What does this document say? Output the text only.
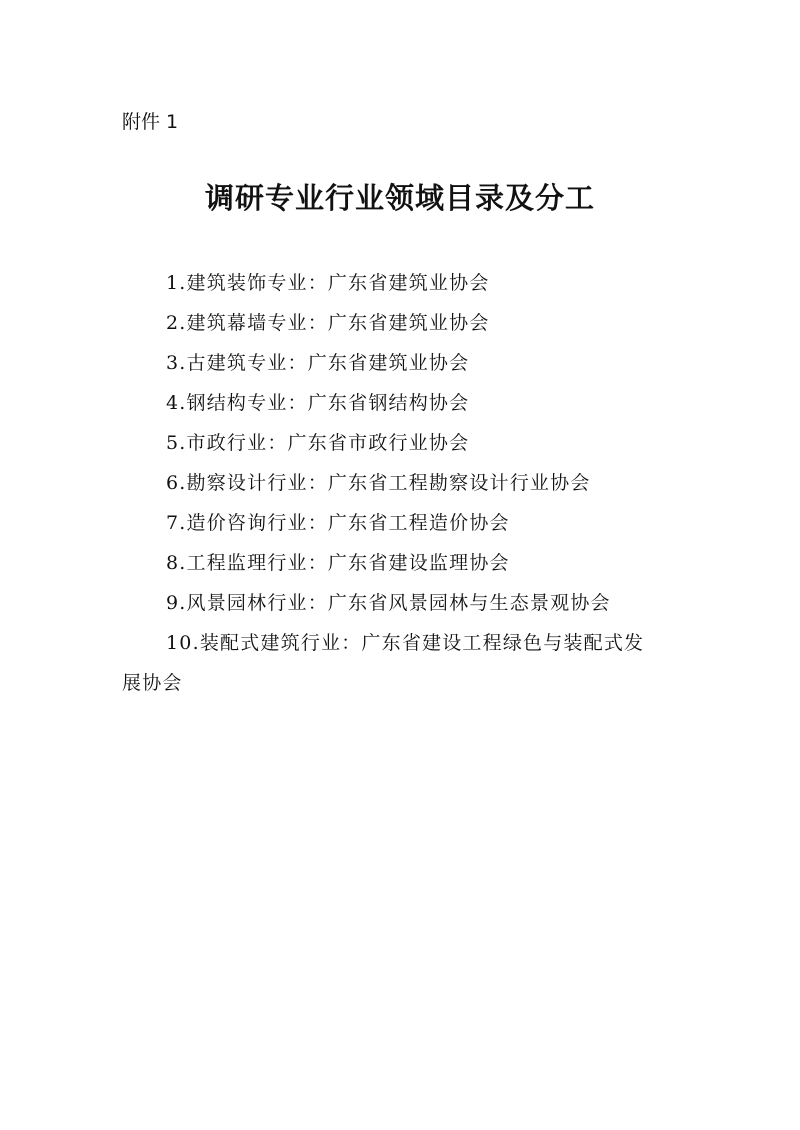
附件 1
调研专业行业领域目录及分工
1.建筑装饰专业：广东省建筑业协会
2.建筑幕墙专业：广东省建筑业协会
3.古建筑专业：广东省建筑业协会
4.钢结构专业：广东省钢结构协会
5.市政行业：广东省市政行业协会
6.勘察设计行业：广东省工程勘察设计行业协会
7.造价咨询行业：广东省工程造价协会
8.工程监理行业：广东省建设监理协会
9.风景园林行业：广东省风景园林与生态景观协会
10.装配式建筑行业：广东省建设工程绿色与装配式发
展协会
